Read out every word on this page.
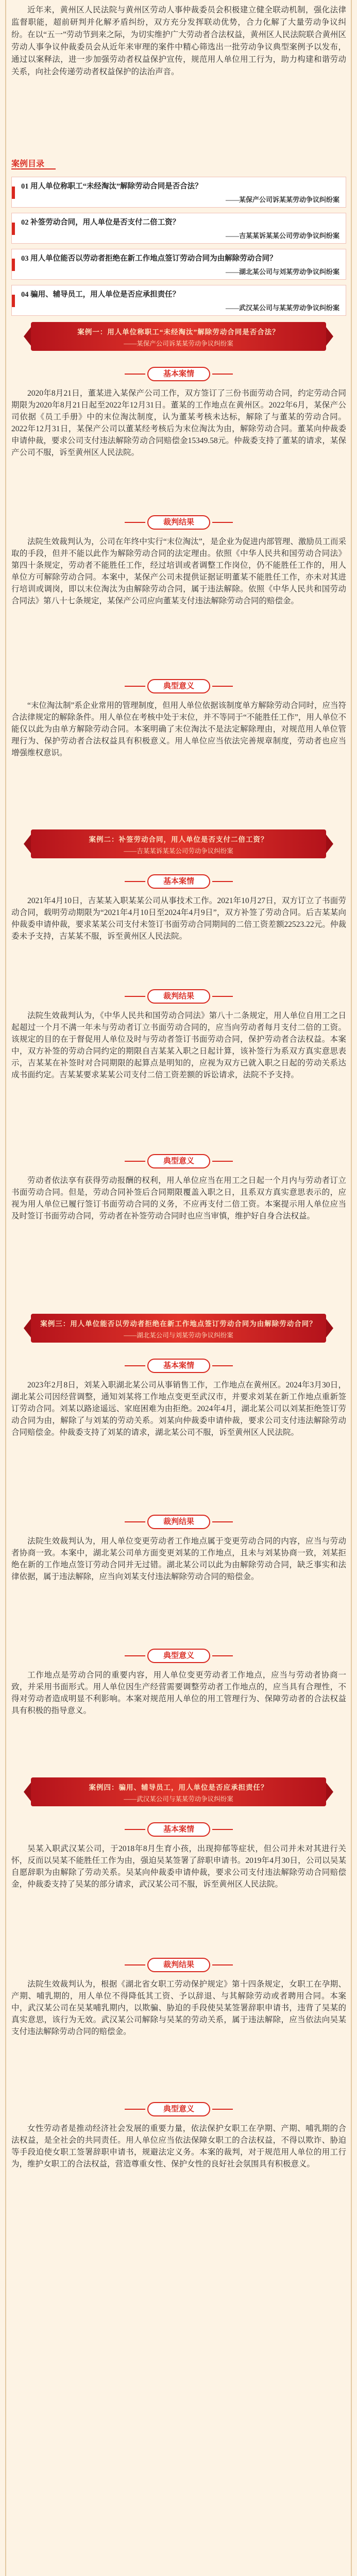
近年来，黄州区人民法院与黄州区劳动人事仲裁委员会积极建立健全联动机制，强化法律监督职能，超前研判并化解矛盾纠纷，双方充分发挥联动优势，合力化解了大量劳动争议纠纷。在以“五一”劳动节到来之际，为切实维护广大劳动者合法权益，黄州区人民法院联合黄州区劳动人事争议仲裁委员会从近年来审理的案件中精心筛选出一批劳动争议典型案例予以发布，通过以案释法，进一步加强劳动者权益保护宣传，规范用人单位用工行为，助力构建和谐劳动关系，向社会传递劳动者权益保护的法治声音。

案例目录
01 用人单位称职工“未经淘汰”解除劳动合同是否合法？
——某保产公司诉某某劳动争议纠纷案
02 补签劳动合同，用人单位是否支付二倍工资？
——吉某某诉某某公司劳动争议纠纷案
03 用人单位能否以劳动者拒绝在新工作地点签订劳动合同为由解除劳动合同？
——湖北某公司与刘某劳动争议纠纷案
04 骗用、辅导员工，用人单位是否应承担责任？
——武汉某公司与某某劳动争议纠纷案
案例一：用人单位称职工“未经淘汰”解除劳动合同是否合法？
——某保产公司诉某某劳动争议纠纷案
基本案情

2020年8月21日，董某进入某保产公司工作，双方签订了三份书面劳动合同，约定劳动合同期限为2020年8月21日起至2022年12月31日。董某的工作地点在黄州区。2022年6月，某保产公司依据《员工手册》中的末位淘汰制度，认为董某考核未达标，解除了与董某的劳动合同。2022年12月31日，某保产公司以董某经考核后为末位淘汰为由，解除劳动合同。董某向仲裁委申请仲裁，要求公司支付违法解除劳动合同赔偿金15349.58元。仲裁委支持了董某的请求，某保产公司不服，诉至黄州区人民法院。

裁判结果

法院生效裁判认为，公司在年终中实行“末位淘汰”，是企业为促进内部管理、激励员工而采取的手段，但并不能以此作为解除劳动合同的法定理由。依照《中华人民共和国劳动合同法》第四十条规定，劳动者不能胜任工作，经过培训或者调整工作岗位，仍不能胜任工作的，用人单位方可解除劳动合同。本案中，某保产公司未提供证据证明董某不能胜任工作，亦未对其进行培训或调岗，即以末位淘汰为由解除劳动合同，属于违法解除。依照《中华人民共和国劳动合同法》第八十七条规定，某保产公司应向董某支付违法解除劳动合同的赔偿金。

典型意义

“末位淘汰制”系企业常用的管理制度，但用人单位依据该制度单方解除劳动合同时，应当符合法律规定的解除条件。用人单位在考核中处于末位，并不等同于“不能胜任工作”，用人单位不能仅以此为由单方解除劳动合同。本案明确了末位淘汰不是法定解除理由，对规范用人单位管理行为、保护劳动者合法权益具有积极意义。用人单位应当依法完善规章制度，劳动者也应当增强维权意识。

案例二：补签劳动合同，用人单位是否支付二倍工资？
——吉某某诉某某公司劳动争议纠纷案
基本案情

2021年4月10日，吉某某入职某某公司从事技术工作。2021年10月27日，双方订立了书面劳动合同，载明劳动期限为“2021年4月10日至2024年4月9日”，双方补签了劳动合同。后吉某某向仲裁委申请仲裁，要求某某公司支付未签订书面劳动合同期间的二倍工资差额22523.22元。仲裁委未予支持，吉某某不服，诉至黄州区人民法院。

裁判结果

法院生效裁判认为，《中华人民共和国劳动合同法》第八十二条规定，用人单位自用工之日起超过一个月不满一年未与劳动者订立书面劳动合同的，应当向劳动者每月支付二倍的工资。该规定的目的在于督促用人单位及时与劳动者签订书面劳动合同，保护劳动者合法权益。本案中，双方补签的劳动合同约定的期限自吉某某入职之日起计算，该补签行为系双方真实意思表示，吉某某在补签时对合同期限的起算点是明知的，应视为双方已就入职之日起的劳动关系达成书面约定。吉某某要求某某公司支付二倍工资差额的诉讼请求，法院不予支持。

典型意义

劳动者依法享有获得劳动报酬的权利，用人单位应当在用工之日起一个月内与劳动者订立书面劳动合同。但是，劳动合同补签后合同期限覆盖入职之日，且系双方真实意思表示的，应视为用人单位已履行签订书面劳动合同的义务，不应再支付二倍工资。本案提示用人单位应当及时签订书面劳动合同，劳动者在补签劳动合同时也应当审慎，维护好自身合法权益。

案例三：用人单位能否以劳动者拒绝在新工作地点签订劳动合同为由解除劳动合同？
——湖北某公司与刘某劳动争议纠纷案
基本案情

2023年2月8日，刘某入职湖北某公司从事销售工作，工作地点在黄州区。2024年3月30日，湖北某公司因经营调整，通知刘某将工作地点变更至武汉市，并要求刘某在新工作地点重新签订劳动合同。刘某以路途遥远、家庭困难为由拒绝。2024年4月，湖北某公司以刘某拒绝签订劳动合同为由，解除了与刘某的劳动关系。刘某向仲裁委申请仲裁，要求公司支付违法解除劳动合同赔偿金。仲裁委支持了刘某的请求，湖北某公司不服，诉至黄州区人民法院。

裁判结果

法院生效裁判认为，用人单位变更劳动者工作地点属于变更劳动合同的内容，应当与劳动者协商一致。本案中，湖北某公司单方面变更刘某的工作地点，且未与刘某协商一致，刘某拒绝在新的工作地点签订劳动合同并无过错。湖北某公司以此为由解除劳动合同，缺乏事实和法律依据，属于违法解除，应当向刘某支付违法解除劳动合同的赔偿金。

典型意义

工作地点是劳动合同的重要内容，用人单位变更劳动者工作地点，应当与劳动者协商一致，并采用书面形式。用人单位因生产经营需要调整劳动者工作地点的，应当具有合理性，不得对劳动者造成明显不利影响。本案对规范用人单位的用工管理行为、保障劳动者的合法权益具有积极的指导意义。

案例四：骗用、辅导员工，用人单位是否应承担责任？
——武汉某公司与某某劳动争议纠纷案
基本案情

吴某入职武汉某公司，于2018年8月生育小孩，出现抑郁等症状，但公司并未对其进行关怀，反而以吴某不能胜任工作为由，强迫吴某签署了辞职申请书。2019年4月30日，公司以吴某自愿辞职为由解除了劳动关系。吴某向仲裁委申请仲裁，要求公司支付违法解除劳动合同赔偿金，仲裁委支持了吴某的部分请求，武汉某公司不服，诉至黄州区人民法院。

裁判结果

法院生效裁判认为，根据《湖北省女职工劳动保护规定》第十四条规定，女职工在孕期、产期、哺乳期的，用人单位不得降低其工资、予以辞退、与其解除劳动或者聘用合同。本案中，武汉某公司在吴某哺乳期内，以欺骗、胁迫的手段使吴某签署辞职申请书，违背了吴某的真实意思，该行为无效。武汉某公司解除与吴某的劳动关系，属于违法解除，应当依法向吴某支付违法解除劳动合同的赔偿金。

典型意义

女性劳动者是推动经济社会发展的重要力量，依法保护女职工在孕期、产期、哺乳期的合法权益，是全社会的共同责任。用人单位应当依法保障女职工的合法权益，不得以欺诈、胁迫等手段迫使女职工签署辞职申请书，规避法定义务。本案的裁判，对于规范用人单位的用工行为，维护女职工的合法权益，营造尊重女性、保护女性的良好社会氛围具有积极意义。
